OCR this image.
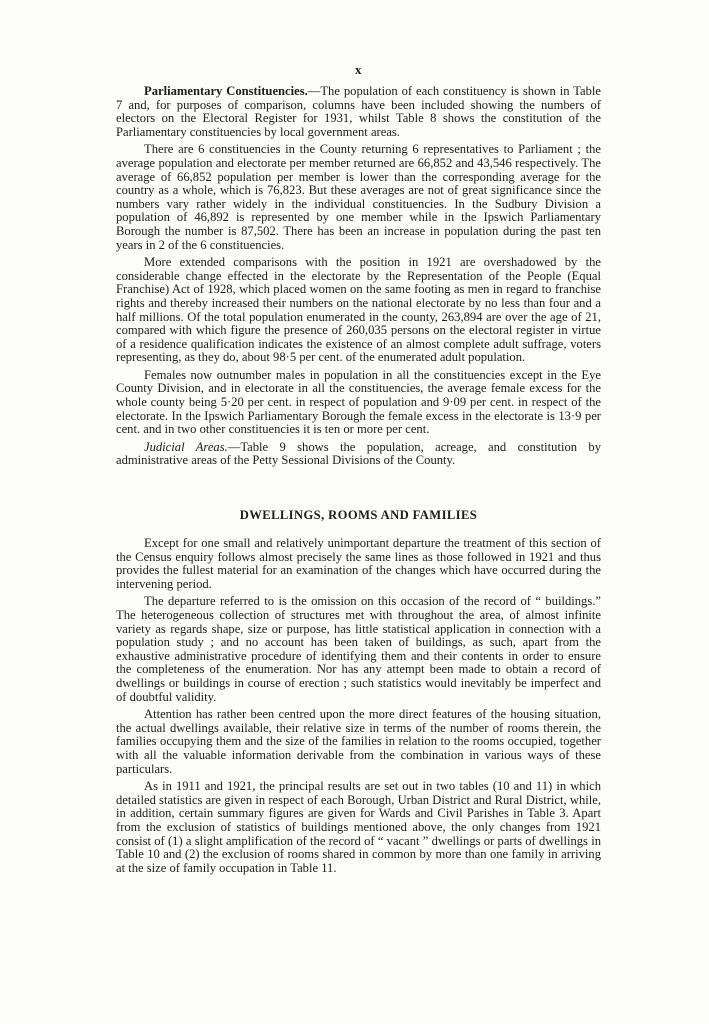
x

Parliamentary Constituencies.—The population of each constituency is shown in Table 7 and, for purposes of comparison, columns have been included showing the numbers of electors on the Electoral Register for 1931, whilst Table 8 shows the constitution of the Parliamentary constituencies by local government areas.

There are 6 constituencies in the County returning 6 representatives to Parliament ; the average population and electorate per member returned are 66,852 and 43,546 respectively. The average of 66,852 population per member is lower than the corresponding average for the country as a whole, which is 76,823. But these averages are not of great significance since the numbers vary rather widely in the individual constituencies. In the Sudbury Division a population of 46,892 is represented by one member while in the Ipswich Parliamentary Borough the number is 87,502. There has been an increase in population during the past ten years in 2 of the 6 constituencies.

More extended comparisons with the position in 1921 are overshadowed by the considerable change effected in the electorate by the Representation of the People (Equal Franchise) Act of 1928, which placed women on the same footing as men in regard to franchise rights and thereby increased their numbers on the national electorate by no less than four and a half millions. Of the total population enumerated in the county, 263,894 are over the age of 21, compared with which figure the presence of 260,035 persons on the electoral register in virtue of a residence qualification indicates the existence of an almost complete adult suffrage, voters representing, as they do, about 98·5 per cent. of the enumerated adult population.

Females now outnumber males in population in all the constituencies except in the Eye County Division, and in electorate in all the constituencies, the average female excess for the whole county being 5·20 per cent. in respect of population and 9·09 per cent. in respect of the electorate. In the Ipswich Parliamentary Borough the female excess in the electorate is 13·9 per cent. and in two other constituencies it is ten or more per cent.

Judicial Areas.—Table 9 shows the population, acreage, and constitution by administrative areas of the Petty Sessional Divisions of the County.

DWELLINGS, ROOMS AND FAMILIES

Except for one small and relatively unimportant departure the treatment of this section of the Census enquiry follows almost precisely the same lines as those followed in 1921 and thus provides the fullest material for an examination of the changes which have occurred during the intervening period.

The departure referred to is the omission on this occasion of the record of “ buildings.” The heterogeneous collection of structures met with throughout the area, of almost infinite variety as regards shape, size or purpose, has little statistical application in connection with a population study ; and no account has been taken of buildings, as such, apart from the exhaustive administrative procedure of identifying them and their contents in order to ensure the completeness of the enumeration. Nor has any attempt been made to obtain a record of dwellings or buildings in course of erection ; such statistics would inevitably be imperfect and of doubtful validity.

Attention has rather been centred upon the more direct features of the housing situation, the actual dwellings available, their relative size in terms of the number of rooms therein, the families occupying them and the size of the families in relation to the rooms occupied, together with all the valuable information derivable from the combination in various ways of these particulars.

As in 1911 and 1921, the principal results are set out in two tables (10 and 11) in which detailed statistics are given in respect of each Borough, Urban District and Rural District, while, in addition, certain summary figures are given for Wards and Civil Parishes in Table 3. Apart from the exclusion of statistics of buildings mentioned above, the only changes from 1921 consist of (1) a slight amplification of the record of “ vacant ” dwellings or parts of dwellings in Table 10 and (2) the exclusion of rooms shared in common by more than one family in arriving at the size of family occupation in Table 11.
